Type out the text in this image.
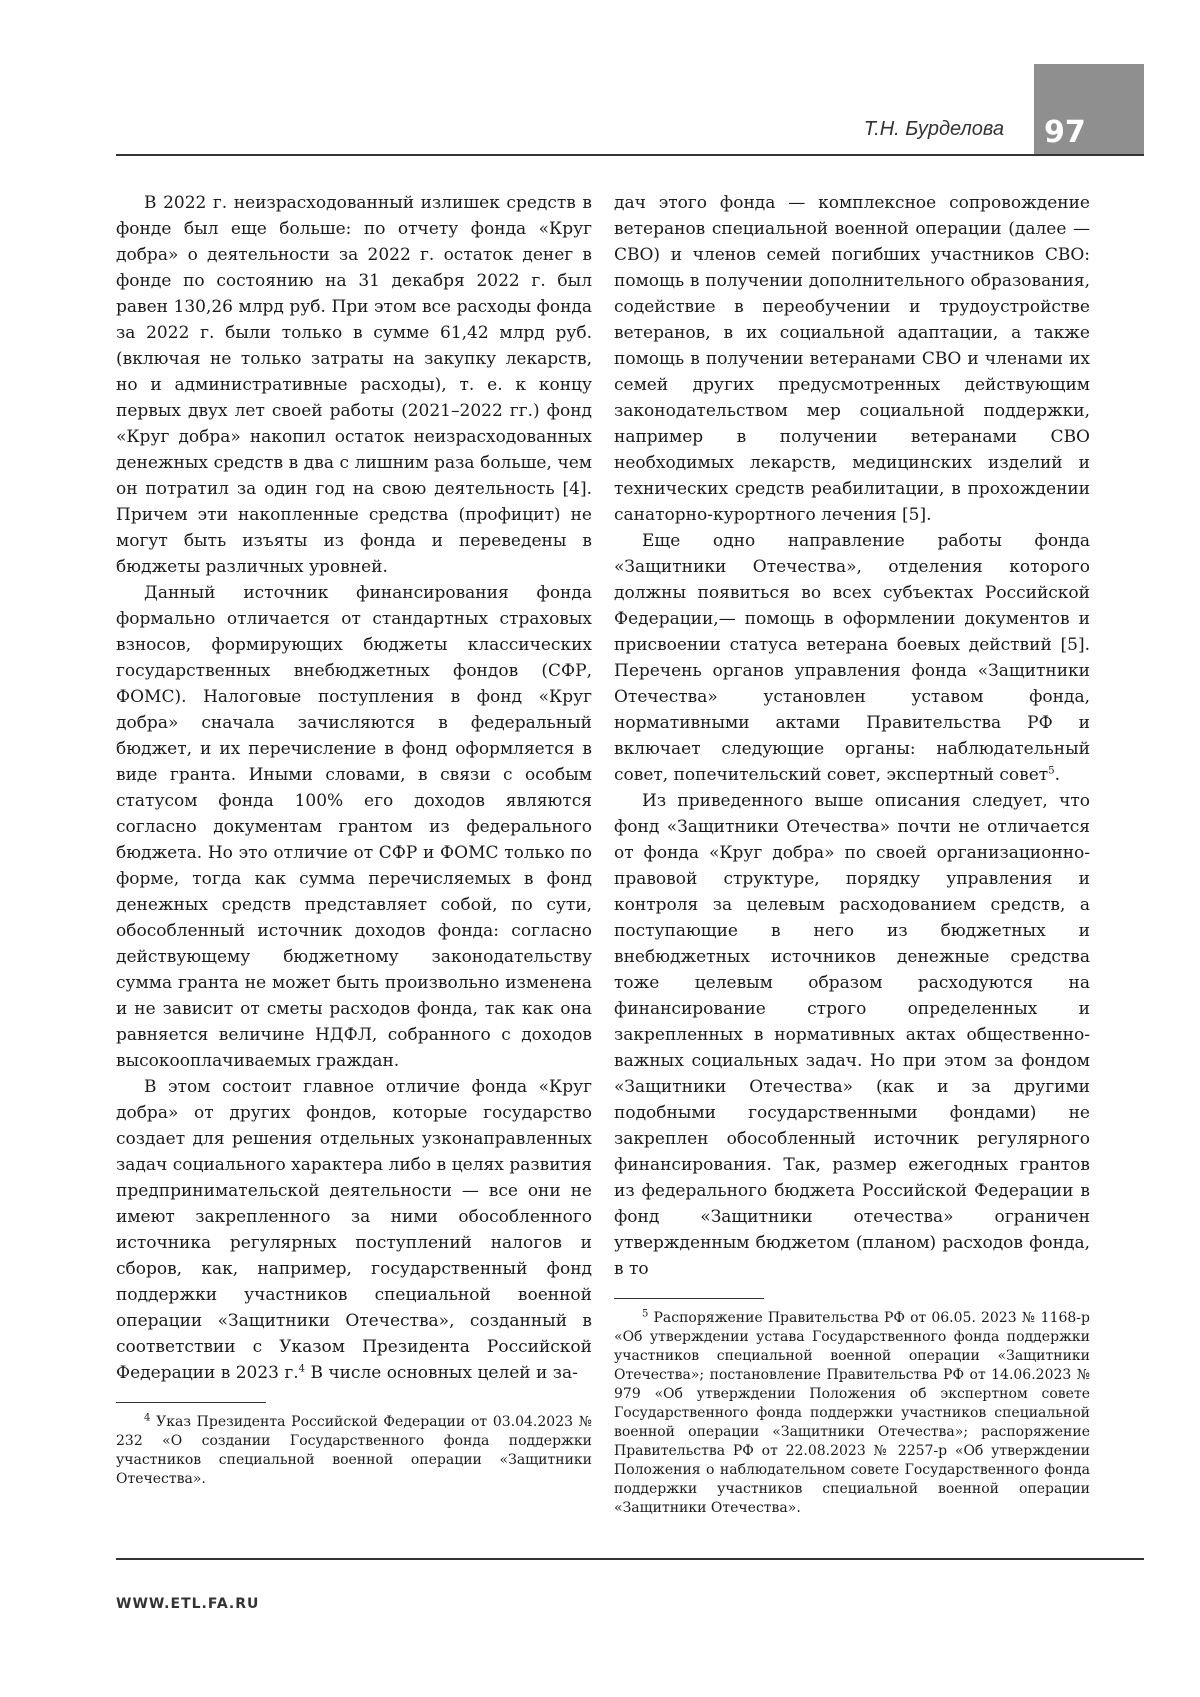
97
Т.Н. Бурделова

В 2022 г. неизрасходованный излишек средств в фонде был еще больше: по отчету фонда «Круг добра» о деятельности за 2022 г. остаток денег в фонде по состоянию на 31 декабря 2022 г. был равен 130,26 млрд руб. При этом все расходы фонда за 2022 г. были только в сумме 61,42 млрд руб. (включая не только затраты на закупку лекарств, но и административные расходы), т. е. к концу первых двух лет своей работы (2021–2022 гг.) фонд «Круг добра» накопил остаток неизрасходованных денежных средств в два с лишним раза больше, чем он потратил за один год на свою деятельность [4]. Причем эти накопленные средства (профицит) не могут быть изъяты из фонда и переведены в бюджеты различных уровней.

Данный источник финансирования фонда формально отличается от стандартных страховых взносов, формирующих бюджеты классических государственных внебюджетных фондов (СФР, ФОМС). Налоговые поступления в фонд «Круг добра» сначала зачисляются в федеральный бюджет, и их перечисление в фонд оформляется в виде гранта. Иными словами, в связи с особым статусом фонда 100% его доходов являются согласно документам грантом из федерального бюджета. Но это отличие от СФР и ФОМС только по форме, тогда как сумма перечисляемых в фонд денежных средств представляет собой, по сути, обособленный источник доходов фонда: согласно действующему бюджетному законодательству сумма гранта не может быть произвольно изменена и не зависит от сметы расходов фонда, так как она равняется величине НДФЛ, собранного с доходов высокооплачиваемых граждан.

В этом состоит главное отличие фонда «Круг добра» от других фондов, которые государство создает для решения отдельных узконаправленных задач социального характера либо в целях развития предпринимательской деятельности — все они не имеют закрепленного за ними обособленного источника регулярных поступлений налогов и сборов, как, например, государственный фонд поддержки участников специальной военной операции «Защитники Отечества», созданный в соответствии с Указом Президента Российской Федерации в 2023 г.$^4$ В числе основных целей и за-

$^4$ Указ Президента Российской Федерации от 03.04.2023 № 232 «О создании Государственного фонда поддержки участников специальной военной операции «Защитники Отечества».

дач этого фонда — комплексное сопровождение ветеранов специальной военной операции (далее — СВО) и членов семей погибших участников СВО: помощь в получении дополнительного образования, содействие в переобучении и трудоустройстве ветеранов, в их социальной адаптации, а также помощь в получении ветеранами СВО и членами их семей других предусмотренных действующим законодательством мер социальной поддержки, например в получении ветеранами СВО необходимых лекарств, медицинских изделий и технических средств реабилитации, в прохождении санаторно-курортного лечения [5].

Еще одно направление работы фонда «Защитники Отечества», отделения которого должны появиться во всех субъектах Российской Федерации,— помощь в оформлении документов и присвоении статуса ветерана боевых действий [5]. Перечень органов управления фонда «Защитники Отечества» установлен уставом фонда, нормативными актами Правительства РФ и включает следующие органы: наблюдательный совет, попечительский совет, экспертный совет$^5$.

Из приведенного выше описания следует, что фонд «Защитники Отечества» почти не отличается от фонда «Круг добра» по своей организационно-правовой структуре, порядку управления и контроля за целевым расходованием средств, а поступающие в него из бюджетных и внебюджетных источников денежные средства тоже целевым образом расходуются на финансирование строго определенных и закрепленных в нормативных актах общественно-важных социальных задач. Но при этом за фондом «Защитники Отечества» (как и за другими подобными государственными фондами) не закреплен обособленный источник регулярного финансирования. Так, размер ежегодных грантов из федерального бюджета Российской Федерации в фонд «Защитники отечества» ограничен утвержденным бюджетом (планом) расходов фонда, в то

$^5$ Распоряжение Правительства РФ от 06.05. 2023 № 1168-р «Об утверждении устава Государственного фонда поддержки участников специальной военной операции «Защитники Отечества»; постановление Правительства РФ от 14.06.2023 № 979 «Об утверждении Положения об экспертном совете Государственного фонда поддержки участников специальной военной операции «Защитники Отечества»; распоряжение Правительства РФ от 22.08.2023 № 2257-р «Об утверждении Положения о наблюдательном совете Государственного фонда поддержки участников специальной военной операции «Защитники Отечества».

WWW.ETL.FA.RU
